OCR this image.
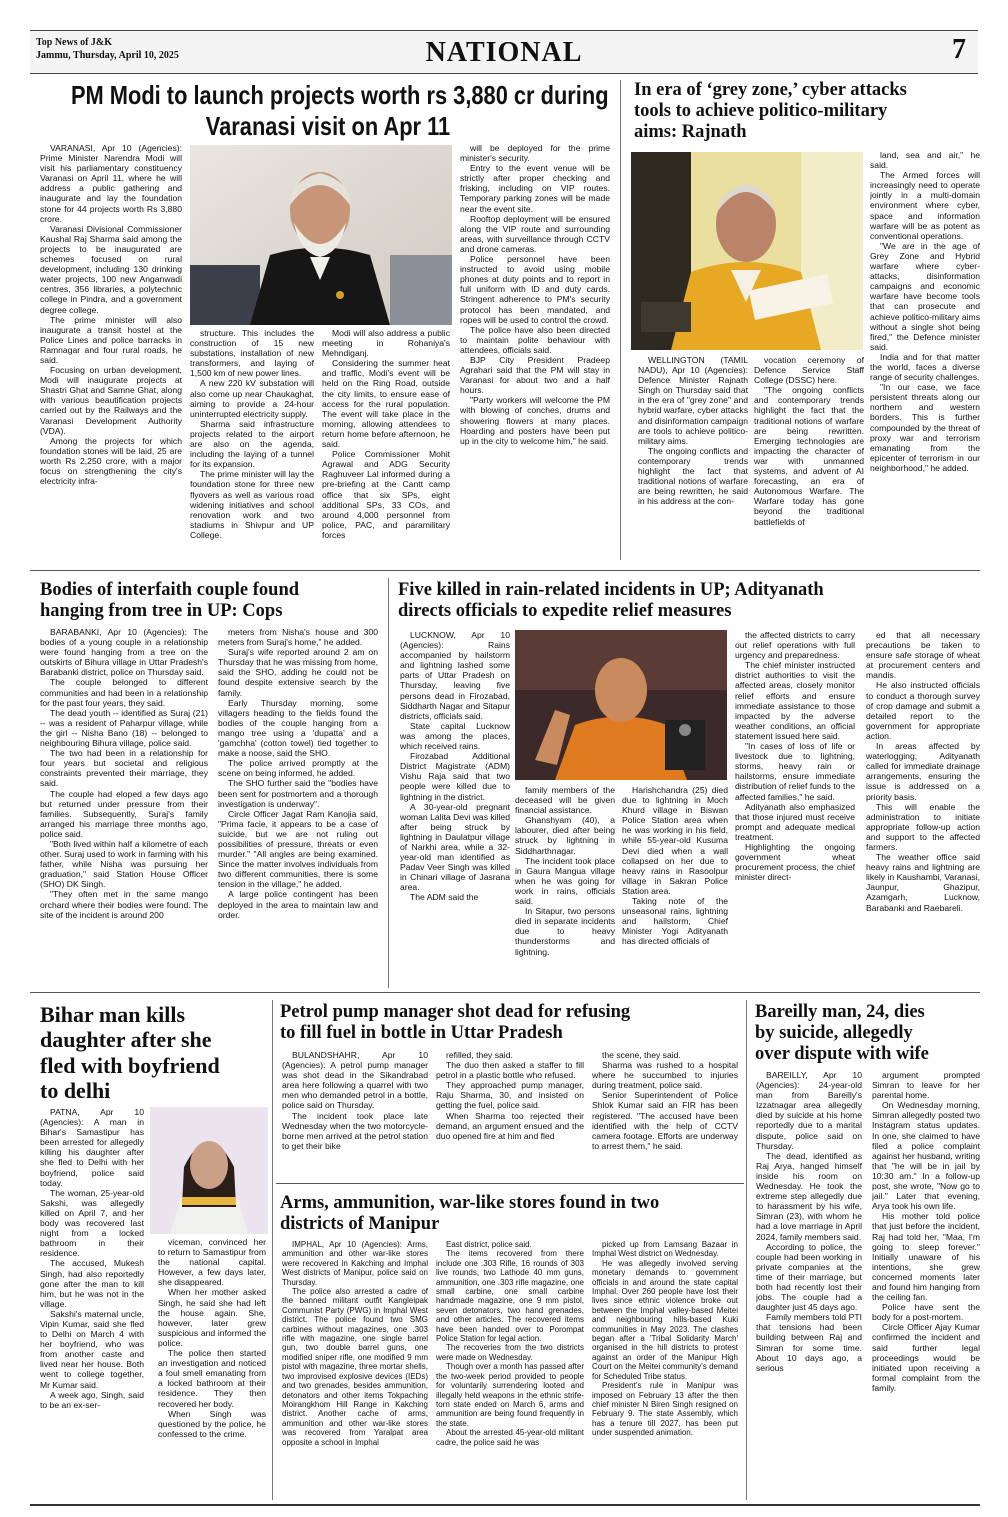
Top News of J&K
Jammu, Thursday, April 10, 2025	NATIONAL	7
PM Modi to launch projects worth rs 3,880 cr during
Varanasi visit on Apr 11

VARANASI, Apr 10 (Agencies): Prime Minister Narendra Modi will visit his parliamentary constituency Varanasi on April 11, where he will address a public gathering and inaugurate and lay the foundation stone for 44 projects worth Rs 3,880 crore.

Varanasi Divisional Commissioner Kaushal Raj Sharma said among the projects to be inaugurated are schemes focused on rural development, including 130 drinking water projects, 100 new Anganwadi centres, 356 libraries, a polytechnic college in Pindra, and a government degree college.

The prime minister will also inaugurate a transit hostel at the Police Lines and police barracks in Ramnagar and four rural roads, he said.

Focusing on urban development, Modi will inaugurate projects at Shastri Ghat and Samne Ghat, along with various beautification projects carried out by the Railways and the Varanasi Development Authority (VDA).

Among the projects for which foundation stones will be laid, 25 are worth Rs 2,250 crore, with a major focus on strengthening the city's electricity infra-

structure. This includes the construction of 15 new substations, installation of new transformers, and laying of 1,500 km of new power lines.

A new 220 kV substation will also come up near Chaukaghat, aiming to provide a 24-hour uninterrupted electricity supply.

Sharma said infrastructure projects related to the airport are also on the agenda, including the laying of a tunnel for its expansion.

The prime minister will lay the foundation stone for three new flyovers as well as various road widening initiatives and school renovation work and two stadiums in Shivpur and UP College.

Modi will also address a public meeting in Rohaniya's Mehndiganj.

Considering the summer heat and traffic, Modi's event will be held on the Ring Road, outside the city limits, to ensure ease of access for the rural population. The event will take place in the morning, allowing attendees to return home before afternoon, he said.

Police Commissioner Mohit Agrawal and ADG Security Raghuveer Lal informed during a pre-briefing at the Cantt camp office that six SPs, eight additional SPs, 33 COs, and around 4,000 personnel from police, PAC, and paramilitary forces

will be deployed for the prime minister's security.

Entry to the event venue will be strictly after proper checking and frisking, including on VIP routes. Temporary parking zones will be made near the event site.

Rooftop deployment will be ensured along the VIP route and surrounding areas, with surveillance through CCTV and drone cameras.

Police personnel have been instructed to avoid using mobile phones at duty points and to report in full uniform with ID and duty cards. Stringent adherence to PM's security protocol has been mandated, and ropes will be used to control the crowd.

The police have also been directed to maintain polite behaviour with attendees, officials said.

BJP City President Pradeep Agrahari said that the PM will stay in Varanasi for about two and a half hours.

"Party workers will welcome the PM with blowing of conches, drums and showering flowers at many places. Hoarding and posters have been put up in the city to welcome him," he said.

In era of ‘grey zone,’ cyber attacks
tools to achieve politico-military
aims: Rajnath

land, sea and air," he said.

The Armed forces will increasingly need to operate jointly in a multi-domain environment where cyber, space and information warfare will be as potent as conventional operations.

"We are in the age of Grey Zone and Hybrid warfare where cyber-attacks, disinformation campaigns and economic warfare have become tools that can prosecute and achieve politico-military aims without a single shot being fired," the Defence minister said.

India and for that matter the world, faces a diverse range of security challenges.

"In our case, we face persistent threats along our northern and western borders. This is further compounded by the threat of proxy war and terrorism emanating from the epicenter of terrorism in our neighborhood," he added.

WELLINGTON (TAMIL NADU), Apr 10 (Agencies): Defence Minister Rajnath Singh on Thursday said that in the era of "grey zone" and hybrid warfare, cyber attacks and disinformation campaign are tools to achieve politico-military aims.

The ongoing conflicts and contemporary trends highlight the fact that traditional notions of warfare are being rewritten, he said in his address at the con-

vocation ceremony of Defence Service Staff College (DSSC) here.

"The ongoing conflicts and contemporary trends highlight the fact that the traditional notions of warfare are being rewritten. Emerging technologies are impacting the character of war with unmanned systems, and advent of AI forecasting, an era of Autonomous Warfare. The Warfare today has gone beyond the traditional battlefields of

Bodies of interfaith couple found
hanging from tree in UP: Cops

BARABANKI, Apr 10 (Agencies): The bodies of a young couple in a relationship were found hanging from a tree on the outskirts of Bihura village in Uttar Pradesh's Barabanki district, police on Thursday said.

The couple belonged to different communities and had been in a relationship for the past four years, they said.

The dead youth -- identified as Suraj (21) -- was a resident of Paharpur village, while the girl -- Nisha Bano (18) -- belonged to neighbouring Bihura village, police said.

The two had been in a relationship for four years but societal and religious constraints prevented their marriage, they said.

The couple had eloped a few days ago but returned under pressure from their families. Subsequently, Suraj's family arranged his marriage three months ago, police said.

"Both lived within half a kilometre of each other. Suraj used to work in farming with his father, while Nisha was pursuing her graduation," said Station House Officer (SHO) DK Singh.

"They often met in the same mango orchard where their bodies were found. The site of the incident is around 200

meters from Nisha's house and 300 meters from Suraj's home," he added.

Suraj's wife reported around 2 am on Thursday that he was missing from home, said the SHO, adding he could not be found despite extensive search by the family.

Early Thursday morning, some villagers heading to the fields found the bodies of the couple hanging from a mango tree using a 'dupatta' and a 'gamchha' (cotton towel) tied together to make a noose, said the SHO.

The police arrived promptly at the scene on being informed, he added.

The SHO further said the "bodies have been sent for postmortem and a thorough investigation is underway".

Circle Officer Jagat Ram Kanojia said, "Prima facie, it appears to be a case of suicide, but we are not ruling out possibilities of pressure, threats or even murder." "All angles are being examined. Since the matter involves individuals from two different communities, there is some tension in the village," he added.

A large police contingent has been deployed in the area to maintain law and order.

Five killed in rain-related incidents in UP; Adityanath
directs officials to expedite relief measures

LUCKNOW, Apr 10 (Agencies): Rains accompanied by hailstorm and lightning lashed some parts of Uttar Pradesh on Thursday, leaving five persons dead in Firozabad, Siddharth Nagar and Sitapur districts, officials said.

State capital Lucknow was among the places, which received rains.

Firozabad Additional District Magistrate (ADM) Vishu Raja said that two people were killed due to lightning in the district.

A 30-year-old pregnant woman Lalita Devi was killed after being struck by lightning in Daulatpur village of Narkhi area, while a 32-year-old man identified as Padav Veer Singh was killed in Chinari village of Jasrana area.

The ADM said the

family members of the deceased will be given financial assistance.

Ghanshyam (40), a labourer, died after being struck by lightning in Siddharthnagar.

The incident took place in Gaura Mangua village when he was going for work in rains, officials said.

In Sitapur, two persons died in separate incidents due to heavy thunderstorms and lightning.

Harishchandra (25) died due to lightning in Moch Khurd village in Biswan Police Station area when he was working in his field, while 55-year-old Kusuma Devi died when a wall collapsed on her due to heavy rains in Rasoolpur village in Sakran Police Station area.

Taking note of the unseasonal rains, lightning and hailstorm, Chief Minister Yogi Adityanath has directed officials of

the affected districts to carry out relief operations with full urgency and preparedness.

The chief minister instructed district authorities to visit the affected areas, closely monitor relief efforts and ensure immediate assistance to those impacted by the adverse weather conditions, an official statement issued here said.

"In cases of loss of life or livestock due to lightning, storms, heavy rain or hailstorms, ensure immediate distribution of relief funds to the affected families," he said.

Adityanath also emphasized that those injured must receive prompt and adequate medical treatment.

Highlighting the ongoing government wheat procurement process, the chief minister direct-

ed that all necessary precautions be taken to ensure safe storage of wheat at procurement centers and mandis.

He also instructed officials to conduct a thorough survey of crop damage and submit a detailed report to the government for appropriate action.

In areas affected by waterlogging, Adityanath called for immediate drainage arrangements, ensuring the issue is addressed on a priority basis.

This will enable the administration to initiate appropriate follow-up action and support to the affected farmers.

The weather office said heavy rains and lightning are likely in Kaushambi, Varanasi, Jaunpur, Ghazipur, Azamgarh, Lucknow, Barabanki and Raebareli.

Bihar man kills
daughter after she
fled with boyfriend
to delhi

PATNA, Apr 10 (Agencies): A man in Bihar's Samastipur has been arrested for allegedly killing his daughter after she fled to Delhi with her boyfriend, police said today.

The woman, 25-year-old Sakshi, was allegedly killed on April 7, and her body was recovered last night from a locked bathroom in their residence.

The accused, Mukesh Singh, had also reportedly gone after the man to kill him, but he was not in the village.

Sakshi's maternal uncle, Vipin Kumar, said she fled to Delhi on March 4 with her boyfriend, who was from another caste and lived near her house. Both went to college together, Mr Kumar said.

A week ago, Singh, said to be an ex-ser-

viceman, convinced her to return to Samastipur from the national capital. However, a few days later, she disappeared.

When her mother asked Singh, he said she had left the house again. She, however, later grew suspicious and informed the police.

The police then started an investigation and noticed a foul smell emanating from a locked bathroom at their residence. They then recovered her body.

When Singh was questioned by the police, he confessed to the crime.

Petrol pump manager shot dead for refusing
to fill fuel in bottle in Uttar Pradesh

BULANDSHAHR, Apr 10 (Agencies): A petrol pump manager was shot dead in the Sikandrabad area here following a quarrel with two men who demanded petrol in a bottle, police said on Thursday.

The incident took place late Wednesday when the two motorcycle-borne men arrived at the petrol station to get their bike

refilled, they said.

The duo then asked a staffer to fill petrol in a plastic bottle who refused.

They approached pump manager, Raju Sharma, 30, and insisted on getting the fuel, police said.

When Sharma too rejected their demand, an argument ensued and the duo opened fire at him and fled

the scene, they said.

Sharma was rushed to a hospital where he succumbed to injuries during treatment, police said.

Senior Superintendent of Police Shlok Kumar said an FIR has been registered. "The accused have been identified with the help of CCTV camera footage. Efforts are underway to arrest them," he said.

Arms, ammunition, war-like stores found in two
districts of Manipur

IMPHAL, Apr 10 (Agencies): Arms, ammunition and other war-like stores were recovered in Kakching and Imphal West districts of Manipur, police said on Thursday.

The police also arrested a cadre of the banned militant outfit Kangleipak Communist Party (PWG) in Imphal West district. The police found two SMG carbines without magazines, one .303 rifle with magazine, one single barrel gun, two double barrel guns, one modified sniper rifle, one modified 9 mm pistol with magazine, three mortar shells, two improvised explosive devices (IEDs) and two grenades, besides ammunition, detonators and other items Tokpaching Moirangkhom Hill Range in Kakching district. Another cache of arms, ammunition and other war-like stores was recovered from Yaralpat area opposite a school in Imphal

East district, police said.

The items recovered from there include one .303 Rifle, 16 rounds of 303 live rounds, two Lathode 40 mm guns, ammunition, one .303 rifle magazine, one small carbine, one small carbine handmade magazine, one 9 mm pistol, seven detonators, two hand grenades, and other articles. The recovered items have been handed over to Porompat Police Station for legal action.

The recoveries from the two districts were made on Wednesday.

Though over a month has passed after the two-week period provided to people for voluntarily surrendering looted and illegally held weapons in the ethnic strife-torn state ended on March 6, arms and ammunition are being found frequently in the state.

About the arrested 45-year-old militant cadre, the police said he was

picked up from Lamsang Bazaar in Imphal West district on Wednesday.

He was allegedly involved serving monetary demands to government officials in and around the state capital Imphal. Over 260 people have lost their lives since ethnic violence broke out between the Imphal valley-based Meitei and neighbouring hills-based Kuki communities in May 2023. The clashes began after a 'Tribal Solidarity March' organised in the hill districts to protest against an order of the Manipur High Court on the Meitei community's demand for Scheduled Tribe status.

President's rule in Manipur was imposed on February 13 after the then chief minister N Biren Singh resigned on February 9. The state Assembly, which has a tenure till 2027, has been put under suspended animation.

Bareilly man, 24, dies
by suicide, allegedly
over dispute with wife

BAREILLY, Apr 10 (Agencies): 24-year-old man from Bareilly's Izzatnagar area allegedly died by suicide at his home reportedly due to a marital dispute, police said on Thursday.

The dead, identified as Raj Arya, hanged himself inside his room on Wednesday. He took the extreme step allegedly due to harassment by his wife, Simran (23), with whom he had a love marriage in April 2024, family members said.

According to police, the couple had been working in private companies at the time of their marriage, but both had recently lost their jobs. The couple had a daughter just 45 days ago.

Family members told PTI that tensions had been building between Raj and Simran for some time. About 10 days ago, a serious

argument prompted Simran to leave for her parental home.

On Wednesday morning, Simran allegedly posted two Instagram status updates. In one, she claimed to have filed a police complaint against her husband, writing that "he will be in jail by 10:30 am." In a follow-up post, she wrote, "Now go to jail." Later that evening, Arya took his own life.

His mother told police that just before the incident, Raj had told her, "Maa, I'm going to sleep forever." Initially unaware of his intentions, she grew concerned moments later and found him hanging from the ceiling fan.

Police have sent the body for a post-mortem.

Circle Officer Ajay Kumar confirmed the incident and said further legal proceedings would be initiated upon receiving a formal complaint from the family.
